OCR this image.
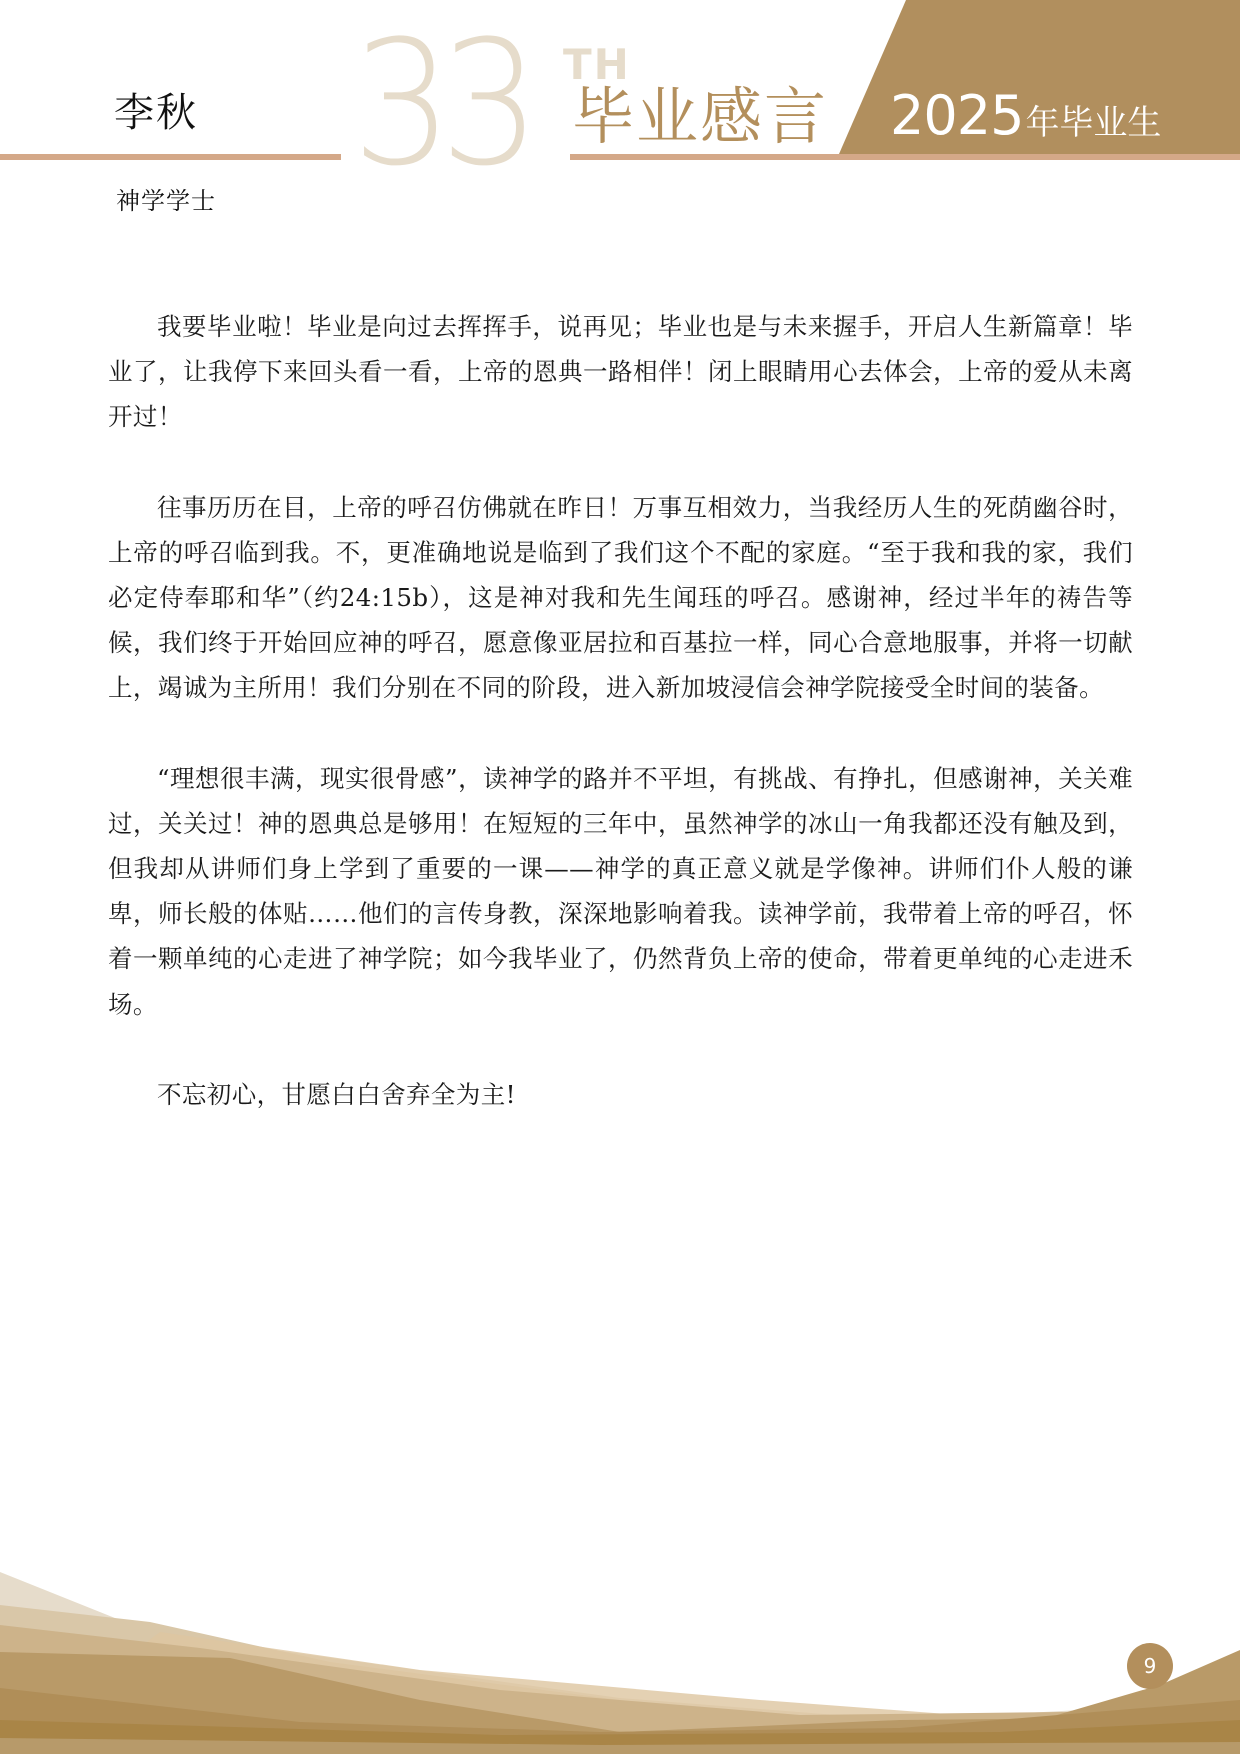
33 TH
毕业感言 2025年毕业生
李秋
神学学士

我要毕业啦！毕业是向过去挥挥手，说再见；毕业也是与未来握手，开启人生新篇章！毕业了，让我停下来回头看一看，上帝的恩典一路相伴！闭上眼睛用心去体会，上帝的爱从未离开过！

往事历历在目，上帝的呼召仿佛就在昨日！万事互相效力，当我经历人生的死荫幽谷时，上帝的呼召临到我。不，更准确地说是临到了我们这个不配的家庭。“至于我和我的家，我们必定侍奉耶和华”（约24:15b），这是神对我和先生闻珏的呼召。感谢神，经过半年的祷告等候，我们终于开始回应神的呼召，愿意像亚居拉和百基拉一样，同心合意地服事，并将一切献上，竭诚为主所用！我们分别在不同的阶段，进入新加坡浸信会神学院接受全时间的装备。

“理想很丰满，现实很骨感”，读神学的路并不平坦，有挑战、有挣扎，但感谢神，关关难过，关关过！神的恩典总是够用！在短短的三年中，虽然神学的冰山一角我都还没有触及到，但我却从讲师们身上学到了重要的一课——神学的真正意义就是学像神。讲师们仆人般的谦卑，师长般的体贴……他们的言传身教，深深地影响着我。读神学前，我带着上帝的呼召，怀着一颗单纯的心走进了神学院；如今我毕业了，仍然背负上帝的使命，带着更单纯的心走进禾场。

不忘初心，甘愿白白舍弃全为主!

9
